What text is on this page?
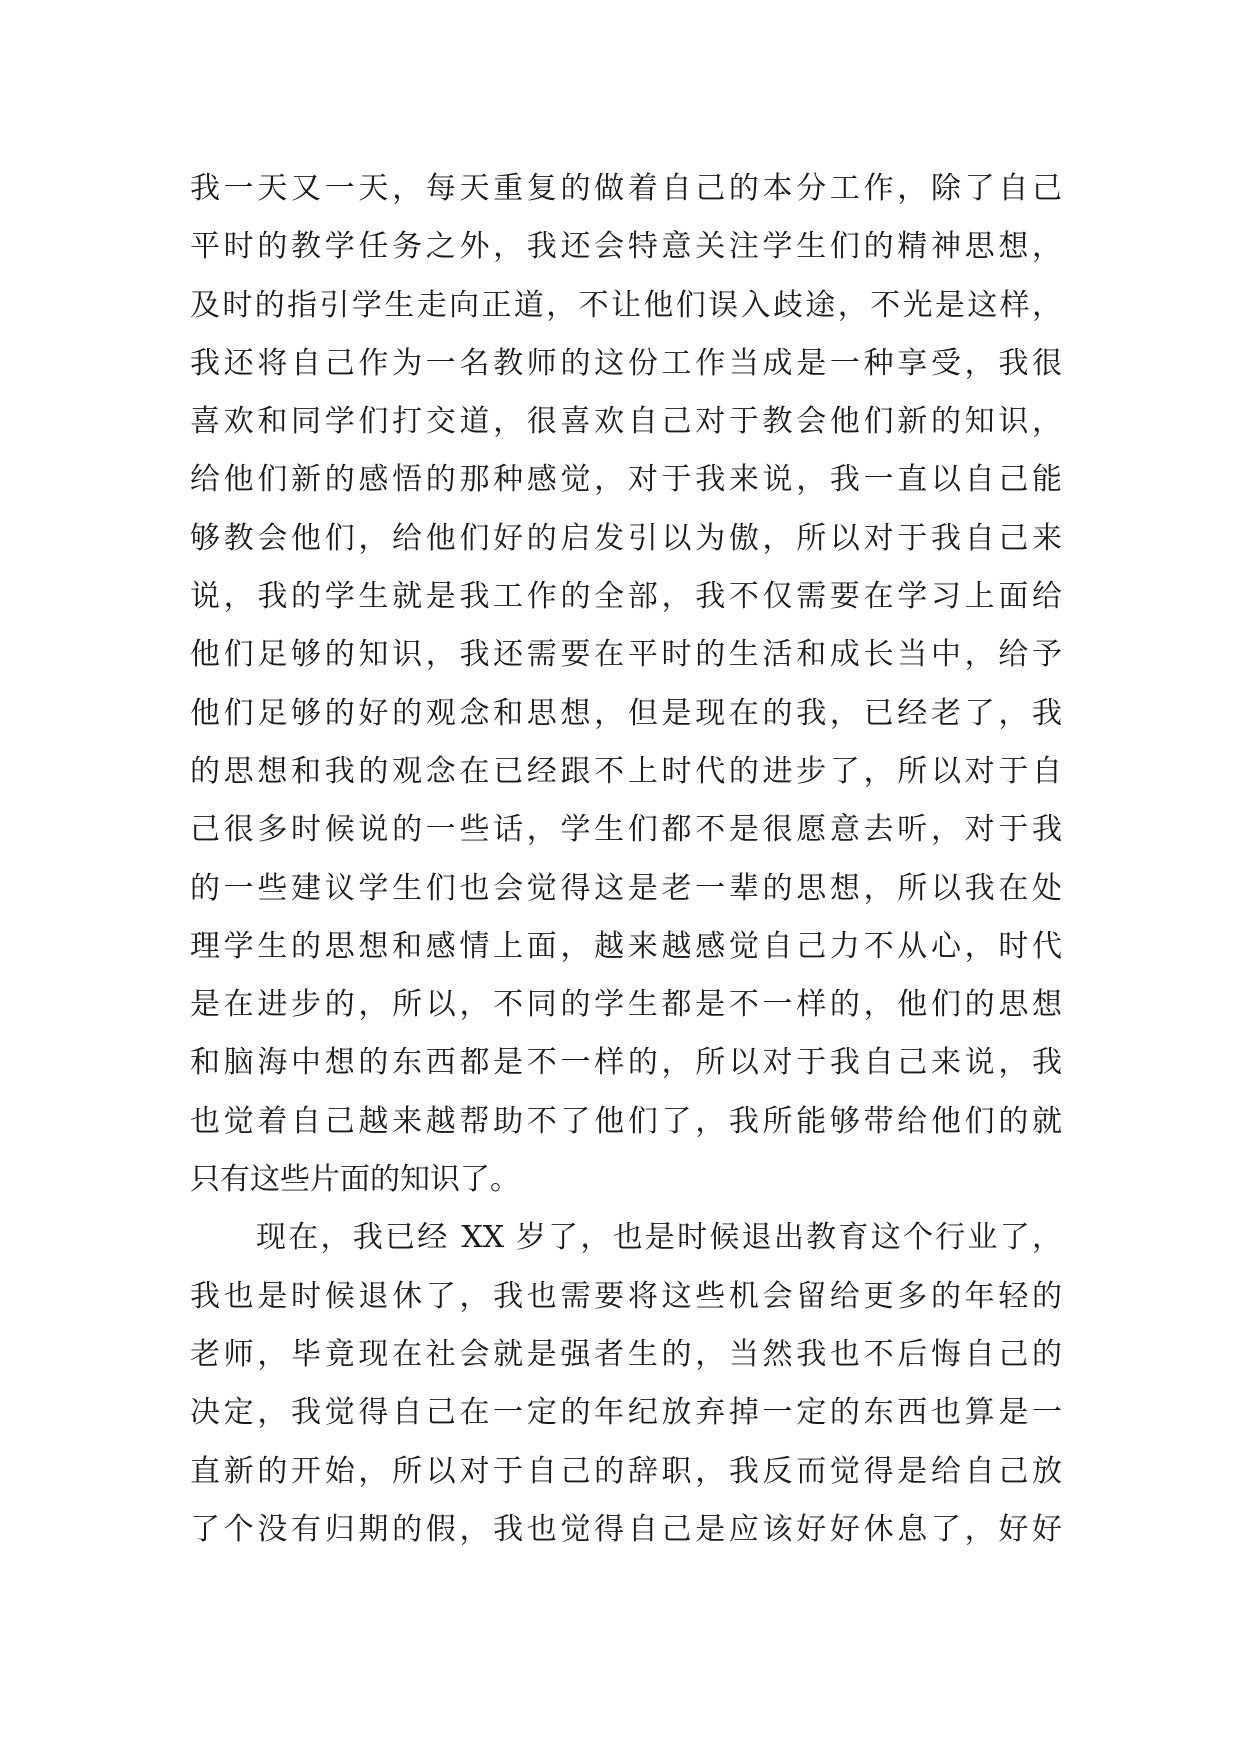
我一天又一天，每天重复的做着自己的本分工作，除了自己
平时的教学任务之外，我还会特意关注学生们的精神思想，
及时的指引学生走向正道，不让他们误入歧途，不光是这样，
我还将自己作为一名教师的这份工作当成是一种享受，我很
喜欢和同学们打交道，很喜欢自己对于教会他们新的知识，
给他们新的感悟的那种感觉，对于我来说，我一直以自己能
够教会他们，给他们好的启发引以为傲，所以对于我自己来
说，我的学生就是我工作的全部，我不仅需要在学习上面给
他们足够的知识，我还需要在平时的生活和成长当中，给予
他们足够的好的观念和思想，但是现在的我，已经老了，我
的思想和我的观念在已经跟不上时代的进步了，所以对于自
己很多时候说的一些话，学生们都不是很愿意去听，对于我
的一些建议学生们也会觉得这是老一辈的思想，所以我在处
理学生的思想和感情上面，越来越感觉自己力不从心，时代
是在进步的，所以，不同的学生都是不一样的，他们的思想
和脑海中想的东西都是不一样的，所以对于我自己来说，我
也觉着自己越来越帮助不了他们了，我所能够带给他们的就
只有这些片面的知识了。
现在，我已经 XX 岁了，也是时候退出教育这个行业了，
我也是时候退休了，我也需要将这些机会留给更多的年轻的
老师，毕竟现在社会就是强者生的，当然我也不后悔自己的
决定，我觉得自己在一定的年纪放弃掉一定的东西也算是一
直新的开始，所以对于自己的辞职，我反而觉得是给自己放
了个没有归期的假，我也觉得自己是应该好好休息了，好好
